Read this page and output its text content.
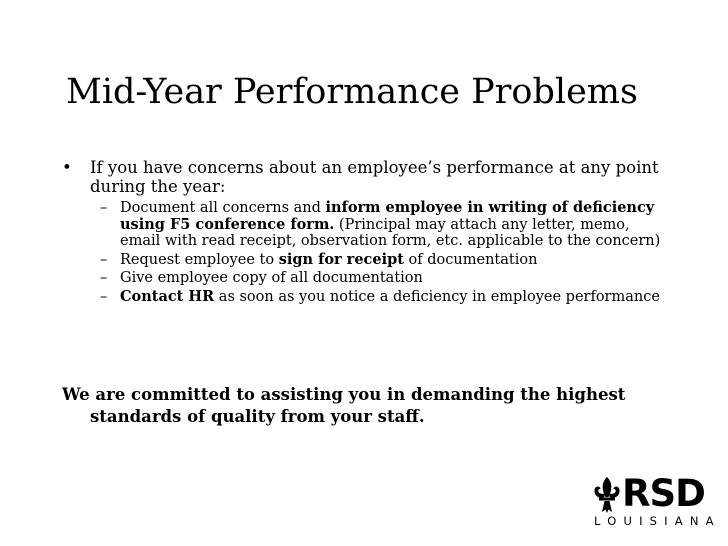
Mid-Year Performance Problems
• If you have concerns about an employee’s performance at any point during the year:
– Document all concerns and inform employee in writing of deficiency using F5 conference form. (Principal may attach any letter, memo, email with read receipt, observation form, etc. applicable to the concern)
– Request employee to sign for receipt of documentation
– Give employee copy of all documentation
– Contact HR as soon as you notice a deficiency in employee performance
We are committed to assisting you in demanding the highest standards of quality from your staff.
RSD
LOUISIANA
